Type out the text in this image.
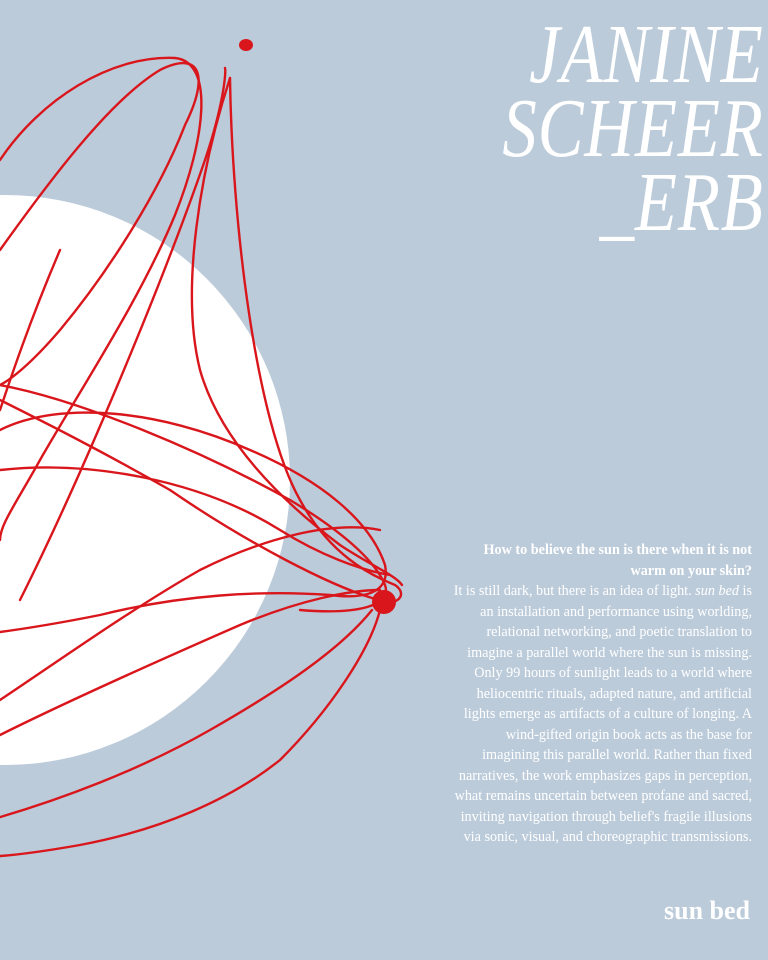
JANINE
SCHEER
_ERB
How to believe the sun is there when it is not warm on your skin?

It is still dark, but there is an idea of light. sun bed is an installation and performance using worlding, relational networking, and poetic translation to imagine a parallel world where the sun is missing. Only 99 hours of sunlight leads to a world where heliocentric rituals, adapted nature, and artificial lights emerge as artifacts of a culture of longing. A wind-gifted origin book acts as the base for imagining this parallel world. Rather than fixed narratives, the work emphasizes gaps in perception, what remains uncertain between profane and sacred, inviting navigation through belief's fragile illusions via sonic, visual, and choreographic transmissions.

sun bed
